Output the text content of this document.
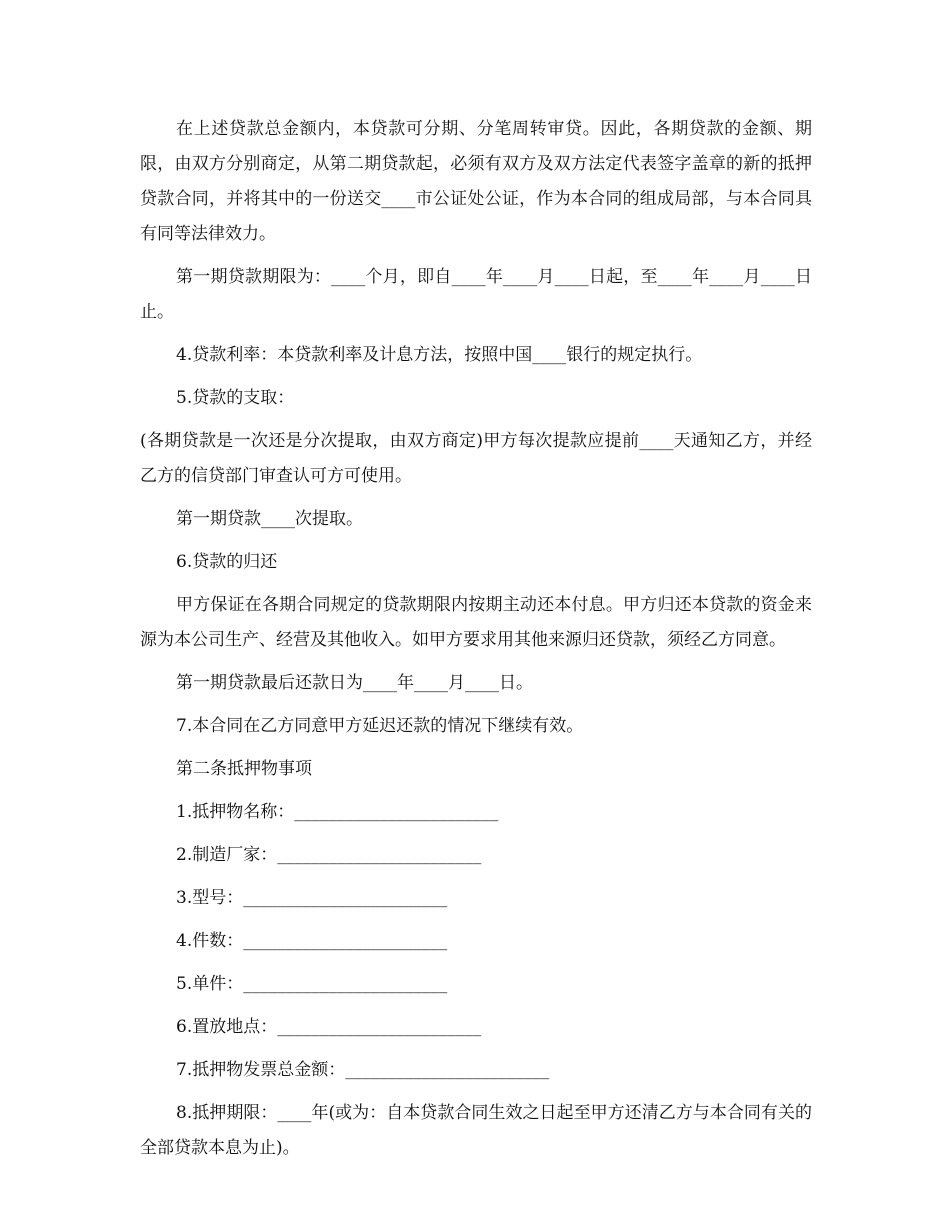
在上述贷款总金额内，本贷款可分期、分笔周转审贷。因此，各期贷款的金额、期限，由双方分别商定，从第二期贷款起，必须有双方及双方法定代表签字盖章的新的抵押贷款合同，并将其中的一份送交____市公证处公证，作为本合同的组成局部，与本合同具有同等法律效力。

第一期贷款期限为：____个月，即自____年____月____日起，至____年____月____日止。

4.贷款利率：本贷款利率及计息方法，按照中国____银行的规定执行。

5.贷款的支取：

(各期贷款是一次还是分次提取，由双方商定)甲方每次提款应提前____天通知乙方，并经乙方的信贷部门审查认可方可使用。

第一期贷款____次提取。

6.贷款的归还

甲方保证在各期合同规定的贷款期限内按期主动还本付息。甲方归还本贷款的资金来源为本公司生产、经营及其他收入。如甲方要求用其他来源归还贷款，须经乙方同意。

第一期贷款最后还款日为____年____月____日。

7.本合同在乙方同意甲方延迟还款的情况下继续有效。

第二条抵押物事项

1.抵押物名称：________________________

2.制造厂家：________________________

3.型号：________________________

4.件数：________________________

5.单件：________________________

6.置放地点：________________________

7.抵押物发票总金额：________________________

8.抵押期限：____年(或为：自本贷款合同生效之日起至甲方还清乙方与本合同有关的全部贷款本息为止)。
